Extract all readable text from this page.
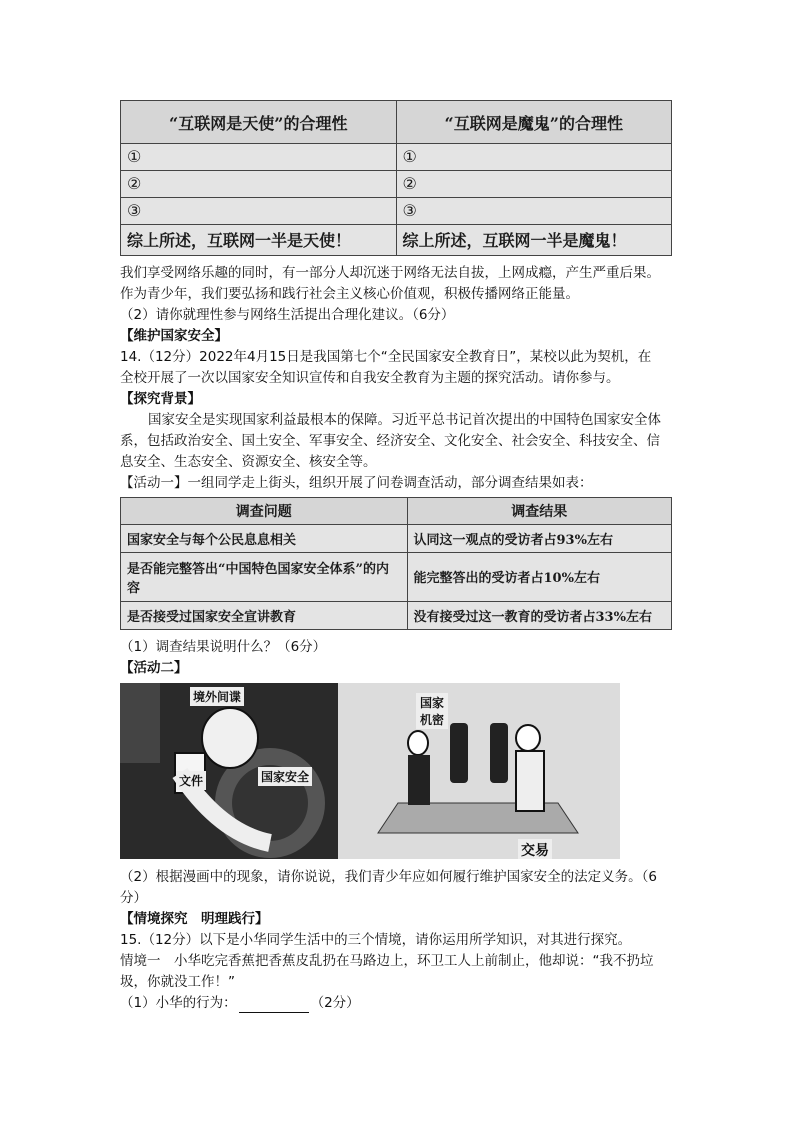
“互联网是天使”的合理性	“互联网是魔鬼”的合理性
①	①
②	②
③	③
综上所述，互联网一半是天使！	综上所述，互联网一半是魔鬼！
我们享受网络乐趣的同时，有一部分人却沉迷于网络无法自拔，上网成瘾，产生严重后果。
作为青少年，我们要弘扬和践行社会主义核心价值观，积极传播网络正能量。
（2）请你就理性参与网络生活提出合理化建议。（6分）
【维护国家安全】
14.（12分）2022年4月15日是我国第七个“全民国家安全教育日”，某校以此为契机，在
全校开展了一次以国家安全知识宣传和自我安全教育为主题的探究活动。请你参与。
【探究背景】
国家安全是实现国家利益最根本的保障。习近平总书记首次提出的中国特色国家安全体
系，包括政治安全、国土安全、军事安全、经济安全、文化安全、社会安全、科技安全、信
息安全、生态安全、资源安全、核安全等。
【活动一】一组同学走上街头，组织开展了问卷调查活动，部分调查结果如表：
调查问题	调查结果
国家安全与每个公民息息相关	认同这一观点的受访者占93%左右
是否能完整答出“中国特色国家安全体系”的内容	能完整答出的受访者占10%左右
是否接受过国家安全宣讲教育	没有接受过这一教育的受访者占33%左右
（1）调查结果说明什么？（6分）
【活动二】
境外间谍
文件	国家安全
国家机密
交易
（2）根据漫画中的现象，请你说说，我们青少年应如何履行维护国家安全的法定义务。（6
分）
【情境探究　明理践行】
15.（12分）以下是小华同学生活中的三个情境，请你运用所学知识，对其进行探究。
情境一　小华吃完香蕉把香蕉皮乱扔在马路边上，环卫工人上前制止，他却说：“我不扔垃
圾，你就没工作！”
（1）小华的行为：	（2分）
